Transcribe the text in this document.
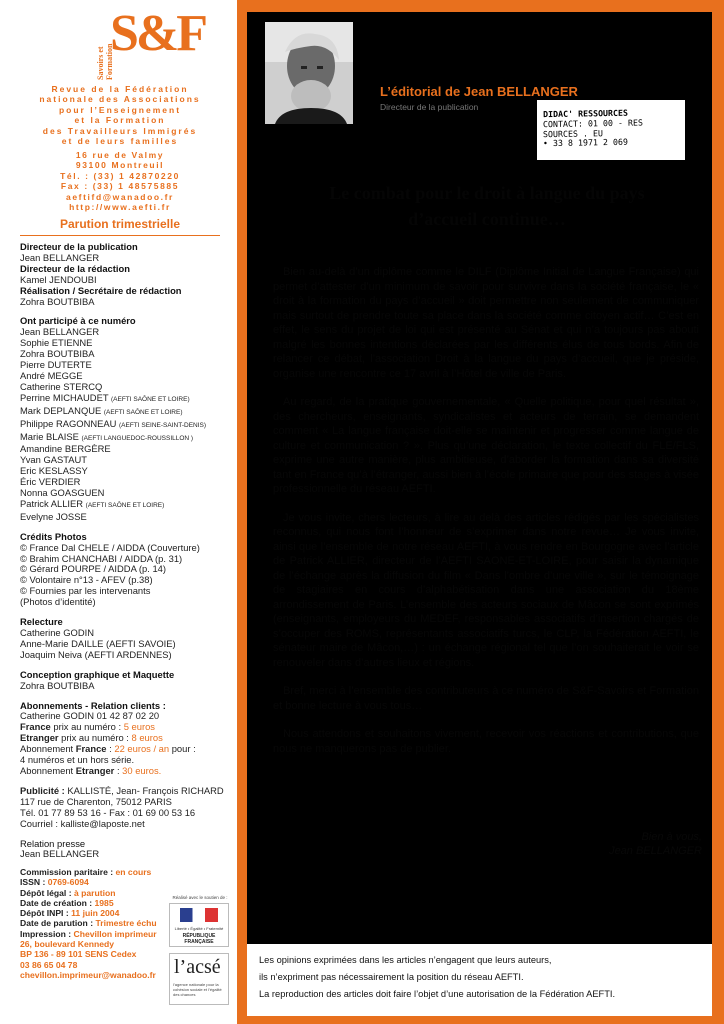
Savoirs et Formation
S&F
Revue de la Fédération
nationale des Associations
pour l’Enseignement
et la Formation
des Travailleurs Immigrés
et de leurs familles
16 rue de Valmy
93100 Montreuil
Tél. : (33) 1 42870220
Fax : (33) 1 48575885
aeftifd@wanadoo.fr
http://www.aefti.fr
Parution trimestrielle
Directeur de la publication
Jean BELLANGER
Directeur de la rédaction
Kamel JENDOUBI
Réalisation / Secrétaire de rédaction
Zohra BOUTBIBA
Ont participé à ce numéro
Jean BELLANGER
Sophie ETIENNE
Zohra BOUTBIBA
Pierre DUTERTE
André MEGGE
Catherine STERCQ
Perrine MICHAUDET (AEFTI SAÔNE ET LOIRE)
Mark DEPLANQUE (AEFTI SAÔNE ET LOIRE)
Philippe RAGONNEAU (AEFTI SEINE-SAINT-DENIS)
Marie BLAISE (AEFTI LANGUEDOC-ROUSSILLON )
Amandine BERGÈRE
Yvan GASTAUT
Eric KESLASSY
Éric VERDIER
Nonna GOASGUEN
Patrick ALLIER (AEFTI SAÔNE ET LOIRE)
Evelyne JOSSE
Crédits Photos
© France Dal CHELE / AIDDA (Couverture)
© Brahim CHANCHABI / AIDDA (p. 31)
© Gérard POURPE / AIDDA (p. 14)
© Volontaire n°13 - AFEV (p.38)
© Fournies par les intervenants
(Photos d’identité)
Relecture
Catherine GODIN
Anne-Marie DAILLE (AEFTI SAVOIE)
Joaquim Neiva (AEFTI ARDENNES)
Conception graphique et Maquette
Zohra BOUTBIBA
Abonnements - Relation clients :
Catherine GODIN 01 42 87 02 20
France prix au numéro : 5 euros
Etranger prix au numéro : 8 euros
Abonnement France : 22 euros / an pour :
4 numéros et un hors série.
Abonnement Etranger : 30 euros.
Publicité : KALLISTÉ, Jean- François RICHARD
117 rue de Charenton, 75012 PARIS
Tél. 01 77 89 53 16 - Fax : 01 69 00 53 16
Courriel : kalliste@laposte.net
Relation presse
Jean BELLANGER
Commission paritaire : en cours
ISSN : 0769-6094
Dépôt légal : à parution
Date de création : 1985
Dépôt INPI : 11 juin 2004
Date de parution : Trimestre échu
Impression : Chevillon imprimeur
26, boulevard Kennedy
BP 136 - 89 101 SENS Cedex
03 86 65 04 78
chevillon.imprimeur@wanadoo.fr
Réalisé avec le soutien de :
Liberté • Égalité • Fraternité
RÉPUBLIQUE FRANÇAISE
l’acsé
l’agence nationale pour la cohésion sociale et l’égalité des chances
L’éditorial de Jean BELLANGER
Directeur de la publication
DIDAC' RESSOURCES
CONTACT: 01 00 - RES
SOURCES . EU
• 33 8 1971 2 069
Le combat pour le droit à langue du pays
d’accueil continue…

Bien au-delà d’un diplôme comme le DILF (Diplôme Initial de Langue Française) qui permet d’attester d’un minimum de savoir pour survivre dans la société française, le « droit à la formation du pays d’accueil » doit permettre non seulement de communiquer mais surtout de prendre toute sa place dans la société comme citoyen actif… C’est en effet, le sens du projet de loi qui est présenté au Sénat et qui n’a toujours pas abouti malgré les bonnes intentions déclarées par les différents élus de tous bords. Afin de relancer ce débat, l’association Droit à la langue du pays d’accueil, que je préside, organise une rencontre ce 17 avril à l’Hôtel de ville de Paris.

Au regard, de la pratique gouvernementale, « Quelle politique, pour quel résultat », des chercheurs, enseignants, syndicalistes et acteurs de terrain, se demandent comment « La langue française doit-elle se maintenir et progresser comme langue de culture et communication ? ». Plus qu’une déclaration, le texte collectif du FLE/FLS, exprime une autre manière, plus ambitieuse, d’aborder la formation dans sa diversité tant en France qu’à l’étranger, aussi bien à l’école primaire que pour des stages à visée professionnelle du réseau AEFTI.

Je vous invite, chers lecteurs, à lire au delà des articles rédigés par les spécialistes reconnus, qui nous font l’honneur de s’exprimer dans notre revue… Je vous invite, ainsi que l’ensemble de notre réseau AEFTI, à vous rendre en Bourgogne avec l’article de Patrick ALLIER, directeur de l’AEFTI SAONE-ET-LOIRE, pour saisir la dynamique de l’échange après la diffusion du film « Dans l’ombre d’une ville », sur le témoignage de stagiaires en cours d’alphabétisation dans une association du 18ème arrondissement de Paris. L’ensemble des acteurs sociaux de Mâcon se sont exprimés (enseignants, employeurs du MEDEF, responsables associatifs d’insertion chargés de s’occuper des ROMS, représentants associatifs turcs, le CLP, la Fédération AEFTI, le sénateur maire de Mâcon,…) : un échange régional tel que l’on souhaiterait le voir se renouveler dans d’autres lieux et régions.

Bref, merci à l’ensemble des contributeurs à ce numéro de S&F-Savoirs et Formation et bonne lecture à vous tous…

Nous attendons et souhaitons vivement, recevoir vos réactions et contributions, que nous ne manquerons pas de publier.

Bien à vous,
Jean BELLANGER
Les opinions exprimées dans les articles n’engagent que leurs auteurs,
ils n’expriment pas nécessairement la position du réseau AEFTI.
La reproduction des articles doit faire l’objet d’une autorisation de la Fédération AEFTI.
